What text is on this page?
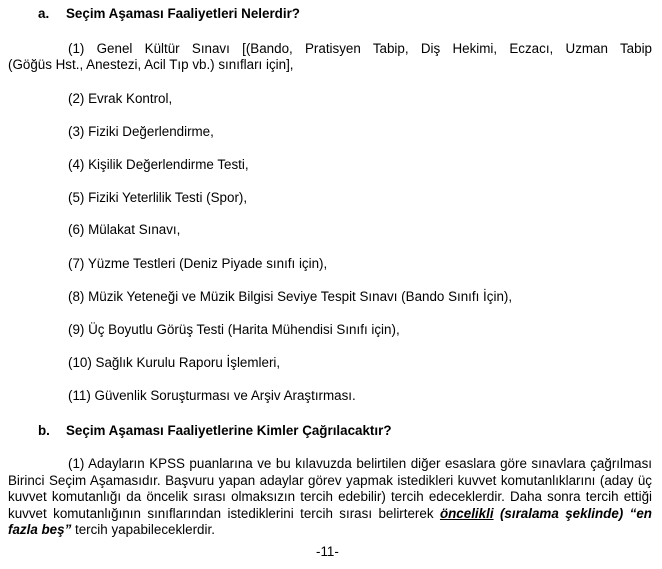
a. Seçim Aşaması Faaliyetleri Nelerdir?
(1) Genel Kültür Sınavı [(Bando, Pratisyen Tabip, Diş Hekimi, Eczacı, Uzman Tabip
(Göğüs Hst., Anestezi, Acil Tıp vb.) sınıfları için],
(2) Evrak Kontrol,
(3) Fiziki Değerlendirme,
(4) Kişilik Değerlendirme Testi,
(5) Fiziki Yeterlilik Testi (Spor),
(6) Mülakat Sınavı,
(7) Yüzme Testleri (Deniz Piyade sınıfı için),
(8) Müzik Yeteneği ve Müzik Bilgisi Seviye Tespit Sınavı (Bando Sınıfı İçin),
(9) Üç Boyutlu Görüş Testi (Harita Mühendisi Sınıfı için),
(10) Sağlık Kurulu Raporu İşlemleri,
(11) Güvenlik Soruşturması ve Arşiv Araştırması.
b. Seçim Aşaması Faaliyetlerine Kimler Çağrılacaktır?
(1) Adayların KPSS puanlarına ve bu kılavuzda belirtilen diğer esaslara göre sınavlara çağrılması Birinci Seçim Aşamasıdır. Başvuru yapan adaylar görev yapmak istedikleri kuvvet komutanlıklarını (aday üç kuvvet komutanlığı da öncelik sırası olmaksızın tercih edebilir) tercih edeceklerdir. Daha sonra tercih ettiği kuvvet komutanlığının sınıflarından istediklerini tercih sırası belirterek öncelikli (sıralama şeklinde) “en fazla beş” tercih yapabileceklerdir.
-11-
